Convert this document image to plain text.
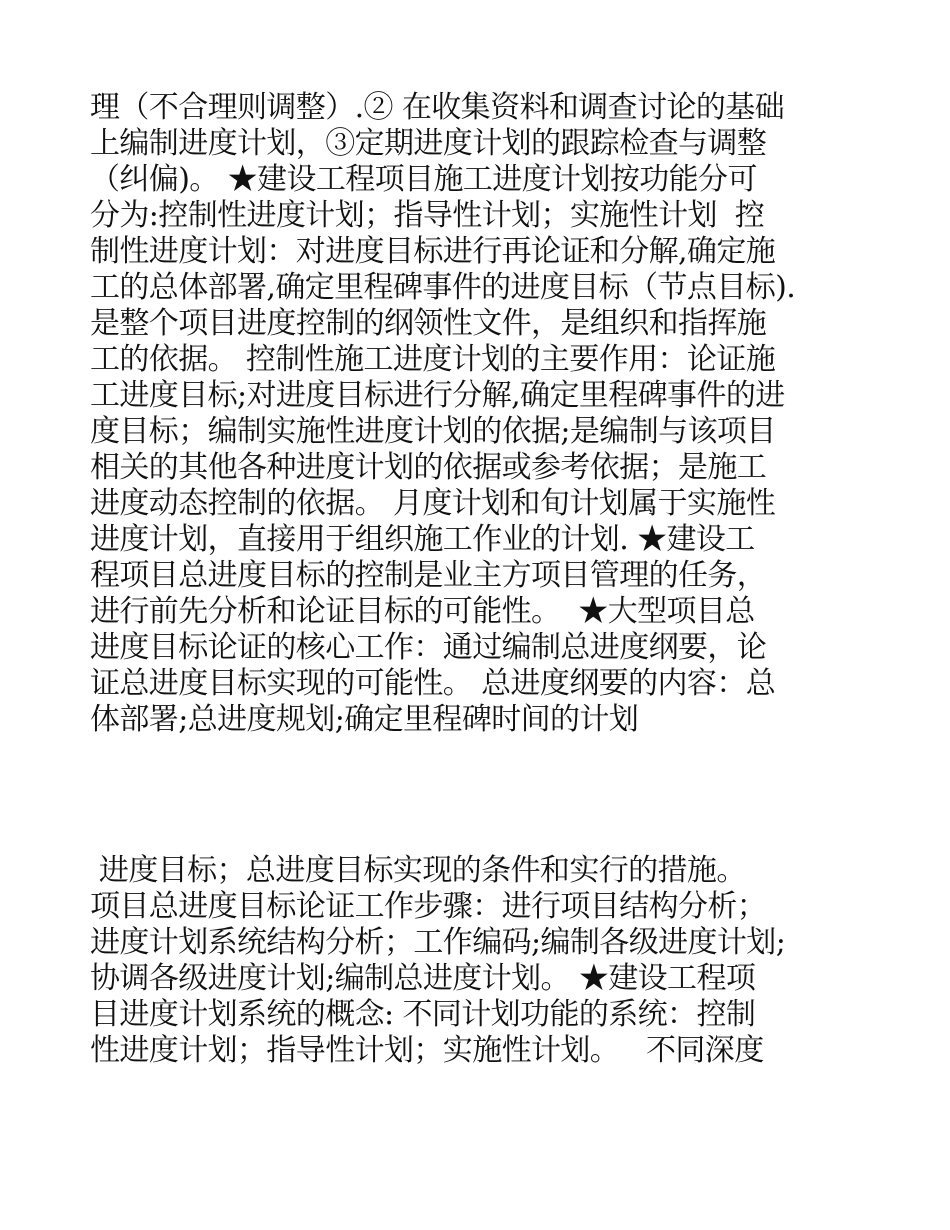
理（不合理则调整）.② 在收集资料和调查讨论的基础
上编制进度计划，③定期进度计划的跟踪检查与调整
（纠偏)。 ★建设工程项目施工进度计划按功能分可
分为:控制性进度计划；指导性计划；实施性计划  控
制性进度计划：对进度目标进行再论证和分解,确定施
工的总体部署,确定里程碑事件的进度目标（节点目标).
是整个项目进度控制的纲领性文件，是组织和指挥施
工的依据。 控制性施工进度计划的主要作用：论证施
工进度目标;对进度目标进行分解,确定里程碑事件的进
度目标；编制实施性进度计划的依据;是编制与该项目
相关的其他各种进度计划的依据或参考依据；是施工
进度动态控制的依据。 月度计划和旬计划属于实施性
进度计划，直接用于组织施工作业的计划. ★建设工
程项目总进度目标的控制是业主方项目管理的任务，
进行前先分析和论证目标的可能性。  ★大型项目总
进度目标论证的核心工作：通过编制总进度纲要，论
证总进度目标实现的可能性。 总进度纲要的内容：总
体部署;总进度规划;确定里程碑时间的计划
进度目标；总进度目标实现的条件和实行的措施。
项目总进度目标论证工作步骤：进行项目结构分析；
进度计划系统结构分析；工作编码;编制各级进度计划;
协调各级进度计划;编制总进度计划。 ★建设工程项
目进度计划系统的概念: 不同计划功能的系统：控制
性进度计划；指导性计划；实施性计划。   不同深度
